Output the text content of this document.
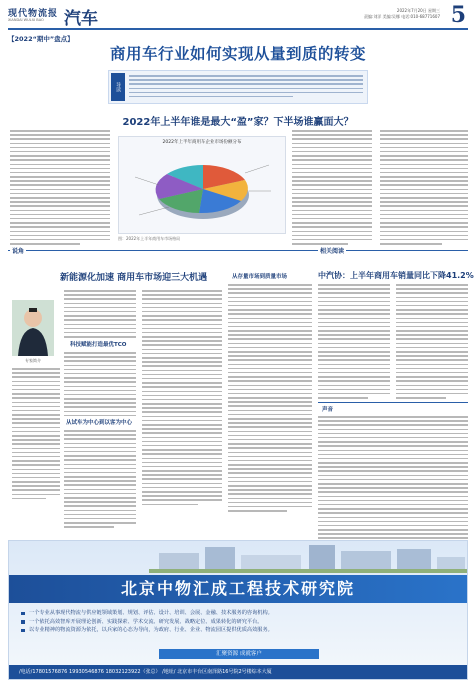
现代物流报
XIANDAI WULIU BAO 汽车	2022年7月20日 星期三
责编:刘洋 美编:吴娜 电话:010-68771607 5
【2022“期中”盘点】
商用车行业如何实现从量到质的转变
导读
2022年上半年谁是最大“盈”家？下半场谁赢面大？
2022年上半年商用车企业市场份额分布
图：2022年上半年商用车市场格局
说角	相关阅读
新能源化加速 商用车市场迎三大机遇
专家简介
科技赋能打造最优TCO
从试车为中心到以客为中心
从存量市场到质量市场	中汽协：上半年商用车销量同比下降41.2%
声音
北京中物汇成工程技术研究院
一个专业从事现代物流与供应链领域策划、规划、评估、设计、培训、会展、金融、技术服务的咨询机构。
一个依托高效智库开展理论创新、实践探索、学术交流、研究发展、战略定位、成果转化的研究平台。
以专业精神的物流资源为依托，以兵家的心态为导向，为政府、行业、企业、物流园区提供优质高效服务。
汇聚资源 成就客户
/电话/17801576876 19930546876 18032123922（张总） /地址/ 北京市丰台区南泽路16号院2号楼综本大厦
